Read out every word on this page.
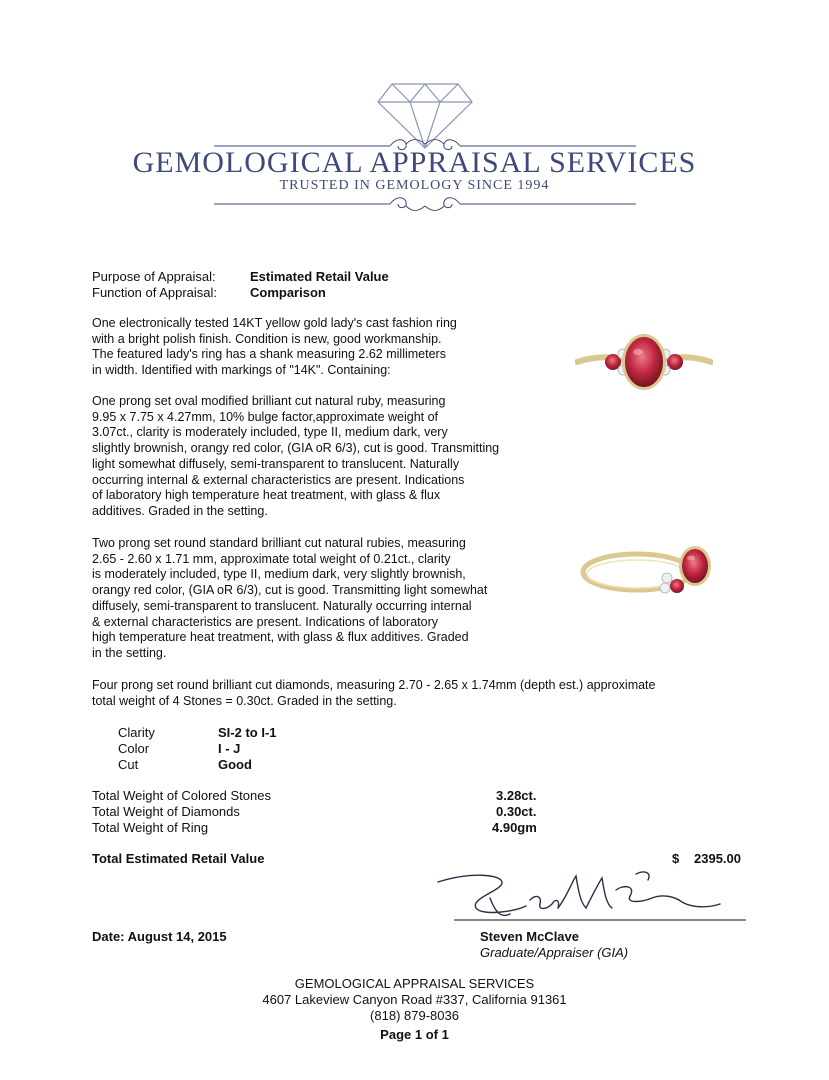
GEMOLOGICAL APPRAISAL SERVICES
TRUSTED IN GEMOLOGY SINCE 1994
Purpose of Appraisal:	Estimated Retail Value
Function of Appraisal:	Comparison
One electronically tested 14KT yellow gold lady's cast fashion ring
with a bright polish finish. Condition is new, good workmanship.
The featured lady's ring has a shank measuring 2.62 millimeters
in width. Identified with markings of "14K". Containing:
One prong set oval modified brilliant cut natural ruby, measuring
9.95 x 7.75 x 4.27mm, 10% bulge factor,approximate weight of
3.07ct., clarity is moderately included, type II, medium dark, very
slightly brownish, orangy red color, (GIA oR 6/3), cut is good. Transmitting
light somewhat diffusely, semi-transparent to translucent. Naturally
occurring internal & external characteristics are present. Indications
of laboratory high temperature heat treatment, with glass & flux
additives. Graded in the setting.
Two prong set round standard brilliant cut natural rubies, measuring
2.65 - 2.60 x 1.71 mm, approximate total weight of 0.21ct., clarity
is moderately included, type II, medium dark, very slightly brownish,
orangy red color, (GIA oR 6/3), cut is good. Transmitting light somewhat
diffusely, semi-transparent to translucent. Naturally occurring internal
& external characteristics are present. Indications of laboratory
high temperature heat treatment, with glass & flux additives. Graded
in the setting.
Four prong set round brilliant cut diamonds, measuring 2.70 - 2.65 x 1.74mm (depth est.) approximate
total weight of 4 Stones = 0.30ct. Graded in the setting.
Clarity	SI-2 to I-1
Color	I - J
Cut	Good
Total Weight of Colored Stones	3.28ct.
Total Weight of Diamonds	0.30ct.
Total Weight of Ring	4.90gm
Total Estimated Retail Value	$ 2395.00
Date: August 14, 2015	Steven McClave
Graduate/Appraiser (GIA)
GEMOLOGICAL APPRAISAL SERVICES
4607 Lakeview Canyon Road #337, California 91361
(818) 879-8036
Page 1 of 1
